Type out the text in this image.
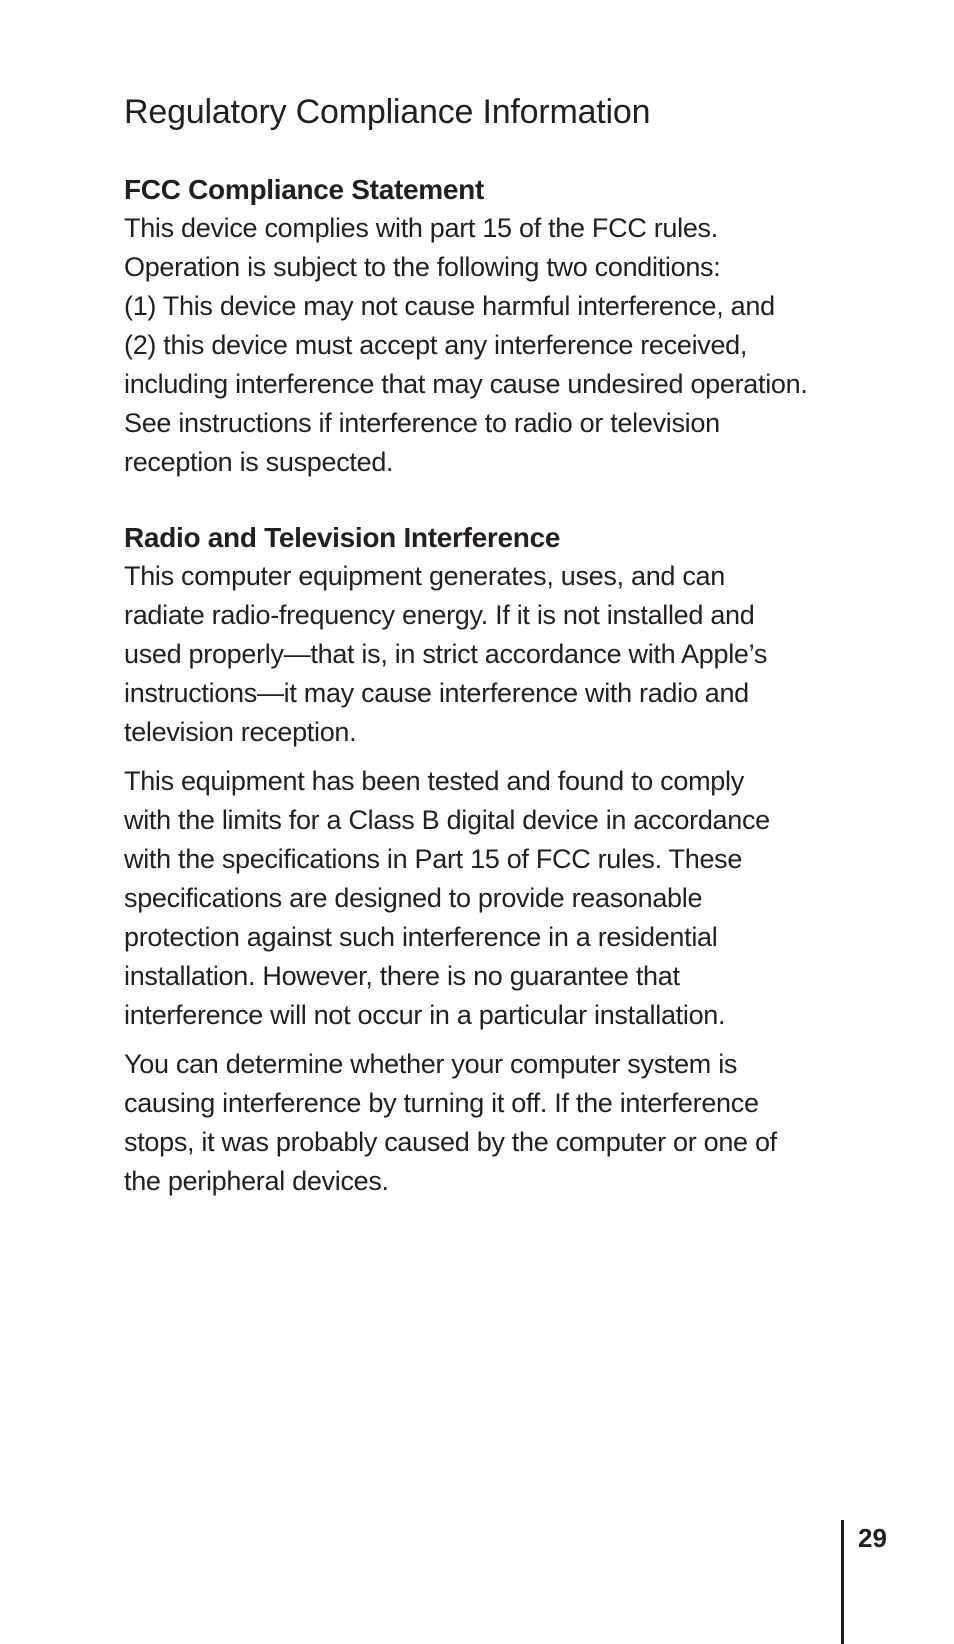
Regulatory Compliance Information
FCC Compliance Statement

This device complies with part 15 of the FCC rules.
Operation is subject to the following two conditions:
(1) This device may not cause harmful interference, and
(2) this device must accept any interference received,
including interference that may cause undesired operation.
See instructions if interference to radio or television
reception is suspected.

Radio and Television Interference

This computer equipment generates, uses, and can
radiate radio-frequency energy. If it is not installed and
used properly—that is, in strict accordance with Apple’s
instructions—it may cause interference with radio and
television reception.

This equipment has been tested and found to comply
with the limits for a Class B digital device in accordance
with the specifications in Part 15 of FCC rules. These
specifications are designed to provide reasonable
protection against such interference in a residential
installation. However, there is no guarantee that
interference will not occur in a particular installation.

You can determine whether your computer system is
causing interference by turning it off. If the interference
stops, it was probably caused by the computer or one of
the peripheral devices.

29
